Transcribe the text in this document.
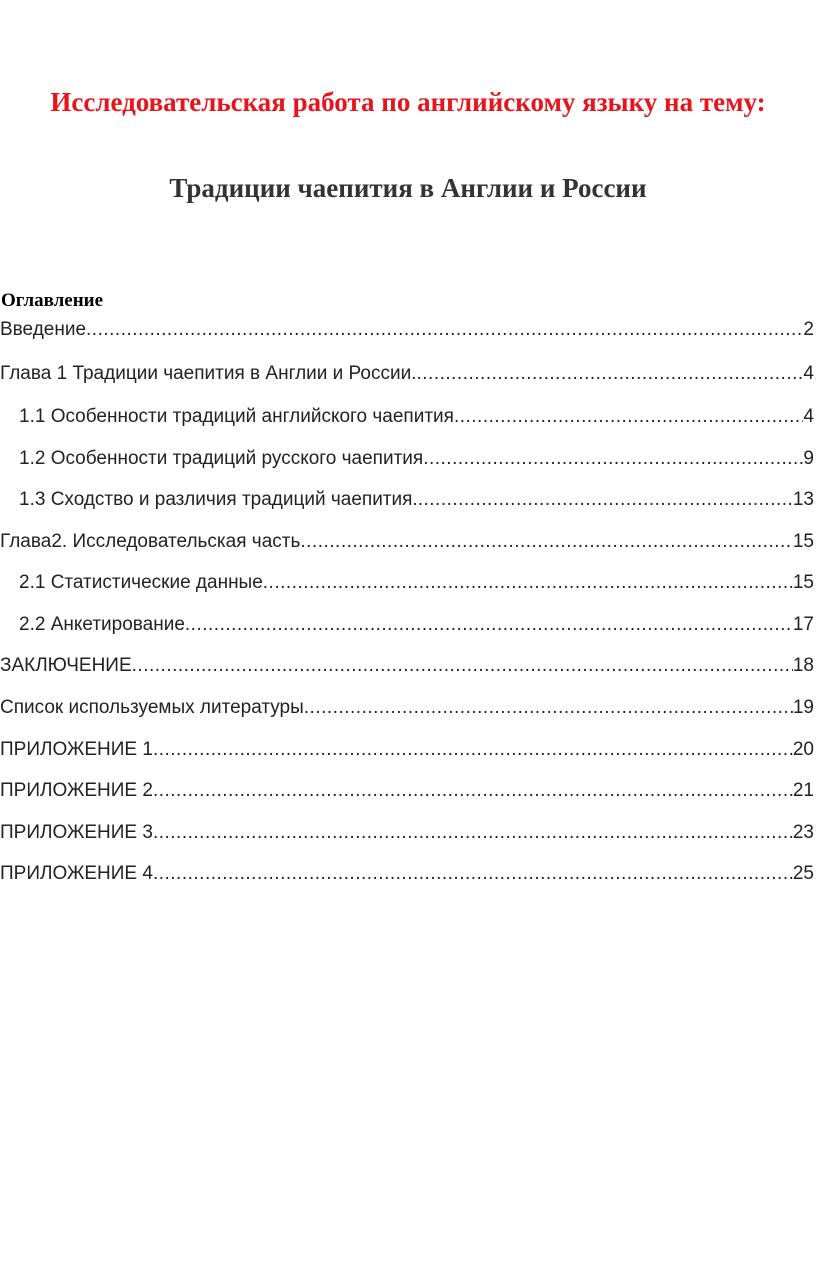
Исследовательская работа по английскому языку на тему:
Традиции чаепития в Англии и России
Оглавление
Введение .....	2
Глава 1 Традиции чаепития в Англии и России. .....	4
1.1 Особенности традиций английского чаепития .....	4
1.2 Особенности традиций русского чаепития .....	9
1.3 Сходство и различия традиций чаепития. .....	13
Глава2. Исследовательская часть .....	15
2.1 Статистические данные .....	15
2.2 Анкетирование .....	17
ЗАКЛЮЧЕНИЕ .....	18
Список используемых литературы .....	19
ПРИЛОЖЕНИЕ 1 .....	20
ПРИЛОЖЕНИЕ 2 .....	21
ПРИЛОЖЕНИЕ 3 .....	23
ПРИЛОЖЕНИЕ 4 .....	25
